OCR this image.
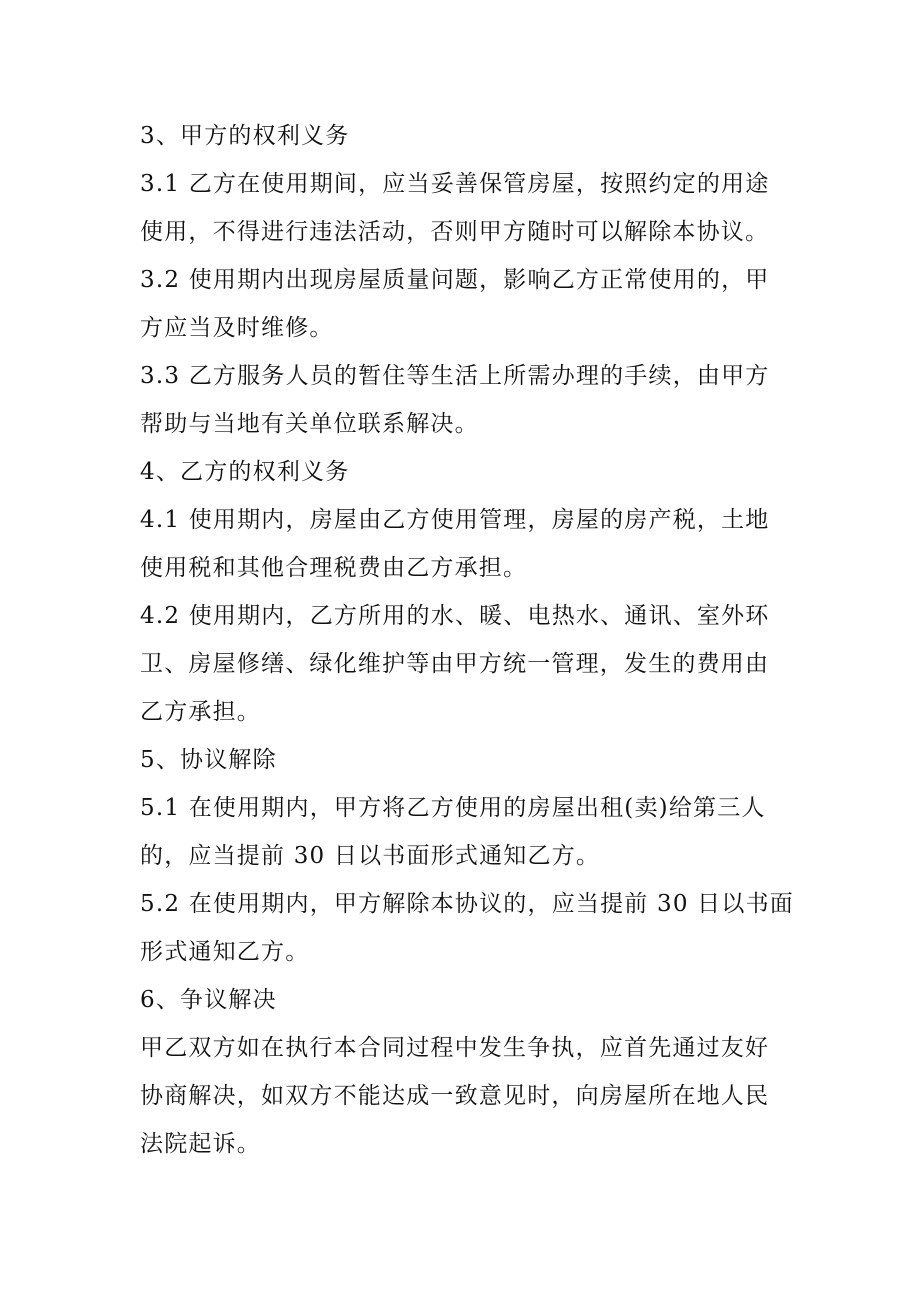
3、甲方的权利义务
3.1 乙方在使用期间，应当妥善保管房屋，按照约定的用途
使用，不得进行违法活动，否则甲方随时可以解除本协议。
3.2 使用期内出现房屋质量问题，影响乙方正常使用的，甲
方应当及时维修。
3.3 乙方服务人员的暂住等生活上所需办理的手续，由甲方
帮助与当地有关单位联系解决。
4、乙方的权利义务
4.1 使用期内，房屋由乙方使用管理，房屋的房产税，土地
使用税和其他合理税费由乙方承担。
4.2 使用期内，乙方所用的水、暖、电热水、通讯、室外环
卫、房屋修缮、绿化维护等由甲方统一管理，发生的费用由
乙方承担。
5、协议解除
5.1 在使用期内，甲方将乙方使用的房屋出租(卖)给第三人
的，应当提前 30 日以书面形式通知乙方。
5.2 在使用期内，甲方解除本协议的，应当提前 30 日以书面
形式通知乙方。
6、争议解决
甲乙双方如在执行本合同过程中发生争执，应首先通过友好
协商解决，如双方不能达成一致意见时，向房屋所在地人民
法院起诉。
